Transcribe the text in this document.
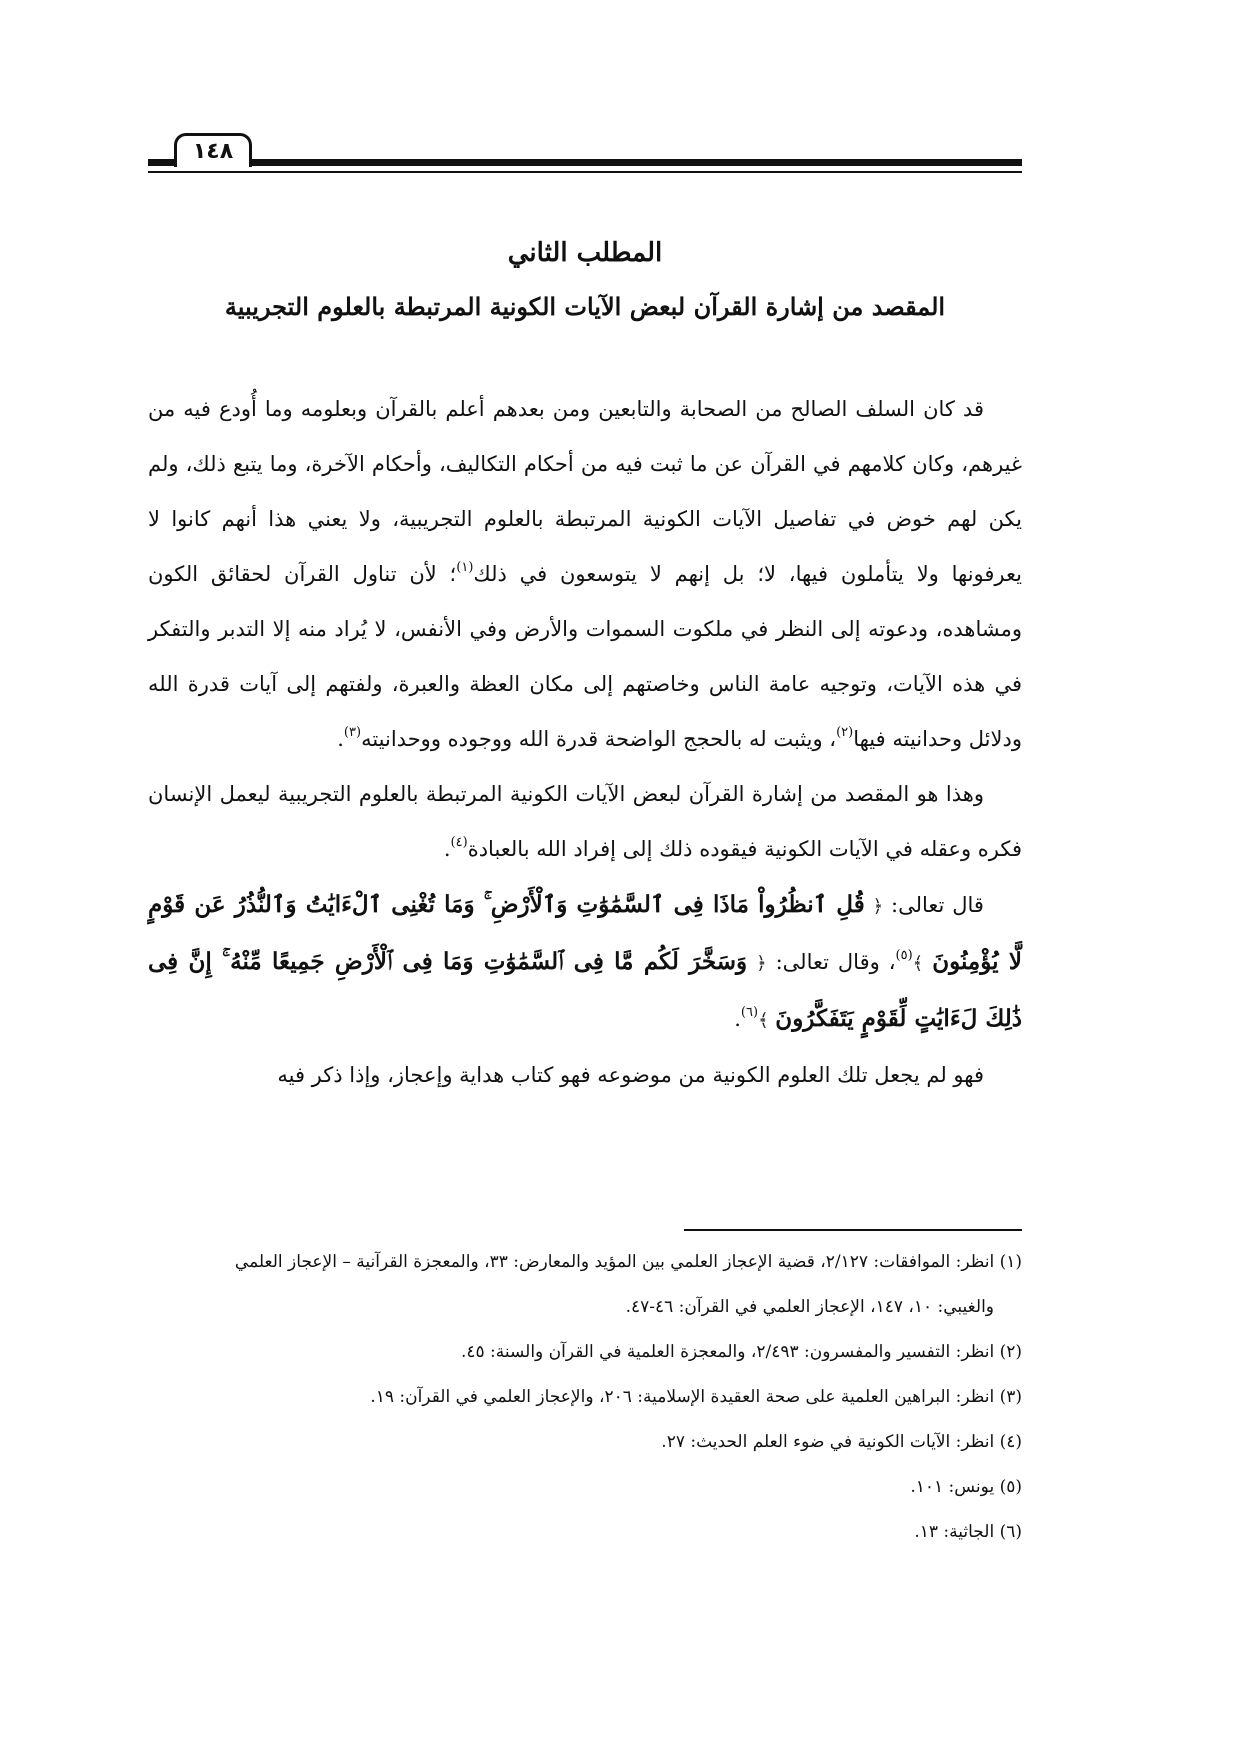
١٤٨
المطلب الثاني
المقصد من إشارة القرآن لبعض الآيات الكونية المرتبطة بالعلوم التجريبية

قد كان السلف الصالح من الصحابة والتابعين ومن بعدهم أعلم بالقرآن وبعلومه وما أُودع فيه من غيرهم، وكان كلامهم في القرآن عن ما ثبت فيه من أحكام التكاليف، وأحكام الآخرة، وما يتبع ذلك، ولم يكن لهم خوض في تفاصيل الآيات الكونية المرتبطة بالعلوم التجريبية، ولا يعني هذا أنهم كانوا لا يعرفونها ولا يتأملون فيها، لا؛ بل إنهم لا يتوسعون في ذلك$^{(١)}$؛ لأن تناول القرآن لحقائق الكون ومشاهده، ودعوته إلى النظر في ملكوت السموات والأرض وفي الأنفس، لا يُراد منه إلا التدبر والتفكر في هذه الآيات، وتوجيه عامة الناس وخاصتهم إلى مكان العظة والعبرة، ولفتهم إلى آيات قدرة الله ودلائل وحدانيته فيها$^{(٢)}$، ويثبت له بالحجج الواضحة قدرة الله ووجوده ووحدانيته$^{(٣)}$.

وهذا هو المقصد من إشارة القرآن لبعض الآيات الكونية المرتبطة بالعلوم التجريبية ليعمل الإنسان فكره وعقله في الآيات الكونية فيقوده ذلك إلى إفراد الله بالعبادة$^{(٤)}$.

قال تعالى: ﴿ قُلِ ٱنظُرُواْ مَاذَا فِى ٱلسَّمَٰوَٰتِ وَٱلْأَرْضِ ۚ وَمَا تُغْنِى ٱلْءَايَٰتُ وَٱلنُّذُرُ عَن قَوْمٍ لَّا يُؤْمِنُونَ ﴾$^{(٥)}$، وقال تعالى: ﴿ وَسَخَّرَ لَكُم مَّا فِى ٱلسَّمَٰوَٰتِ وَمَا فِى ٱلْأَرْضِ جَمِيعًا مِّنْهُ ۚ إِنَّ فِى ذَٰلِكَ لَءَايَٰتٍ لِّقَوْمٍ يَتَفَكَّرُونَ ﴾$^{(٦)}$.

فهو لم يجعل تلك العلوم الكونية من موضوعه فهو كتاب هداية وإعجاز، وإذا ذكر فيه

(١) انظر: الموافقات: ٢/١٢٧، قضية الإعجاز العلمي بين المؤيد والمعارض: ٣٣، والمعجزة القرآنية – الإعجاز العلمي

والغيبي: ١٠، ١٤٧، الإعجاز العلمي في القرآن: ٤٦-٤٧.

(٢) انظر: التفسير والمفسرون: ٢/٤٩٣، والمعجزة العلمية في القرآن والسنة: ٤٥.

(٣) انظر: البراهين العلمية على صحة العقيدة الإسلامية: ٢٠٦، والإعجاز العلمي في القرآن: ١٩.

(٤) انظر: الآيات الكونية في ضوء العلم الحديث: ٢٧.

(٥) يونس: ١٠١.

(٦) الجاثية: ١٣.
